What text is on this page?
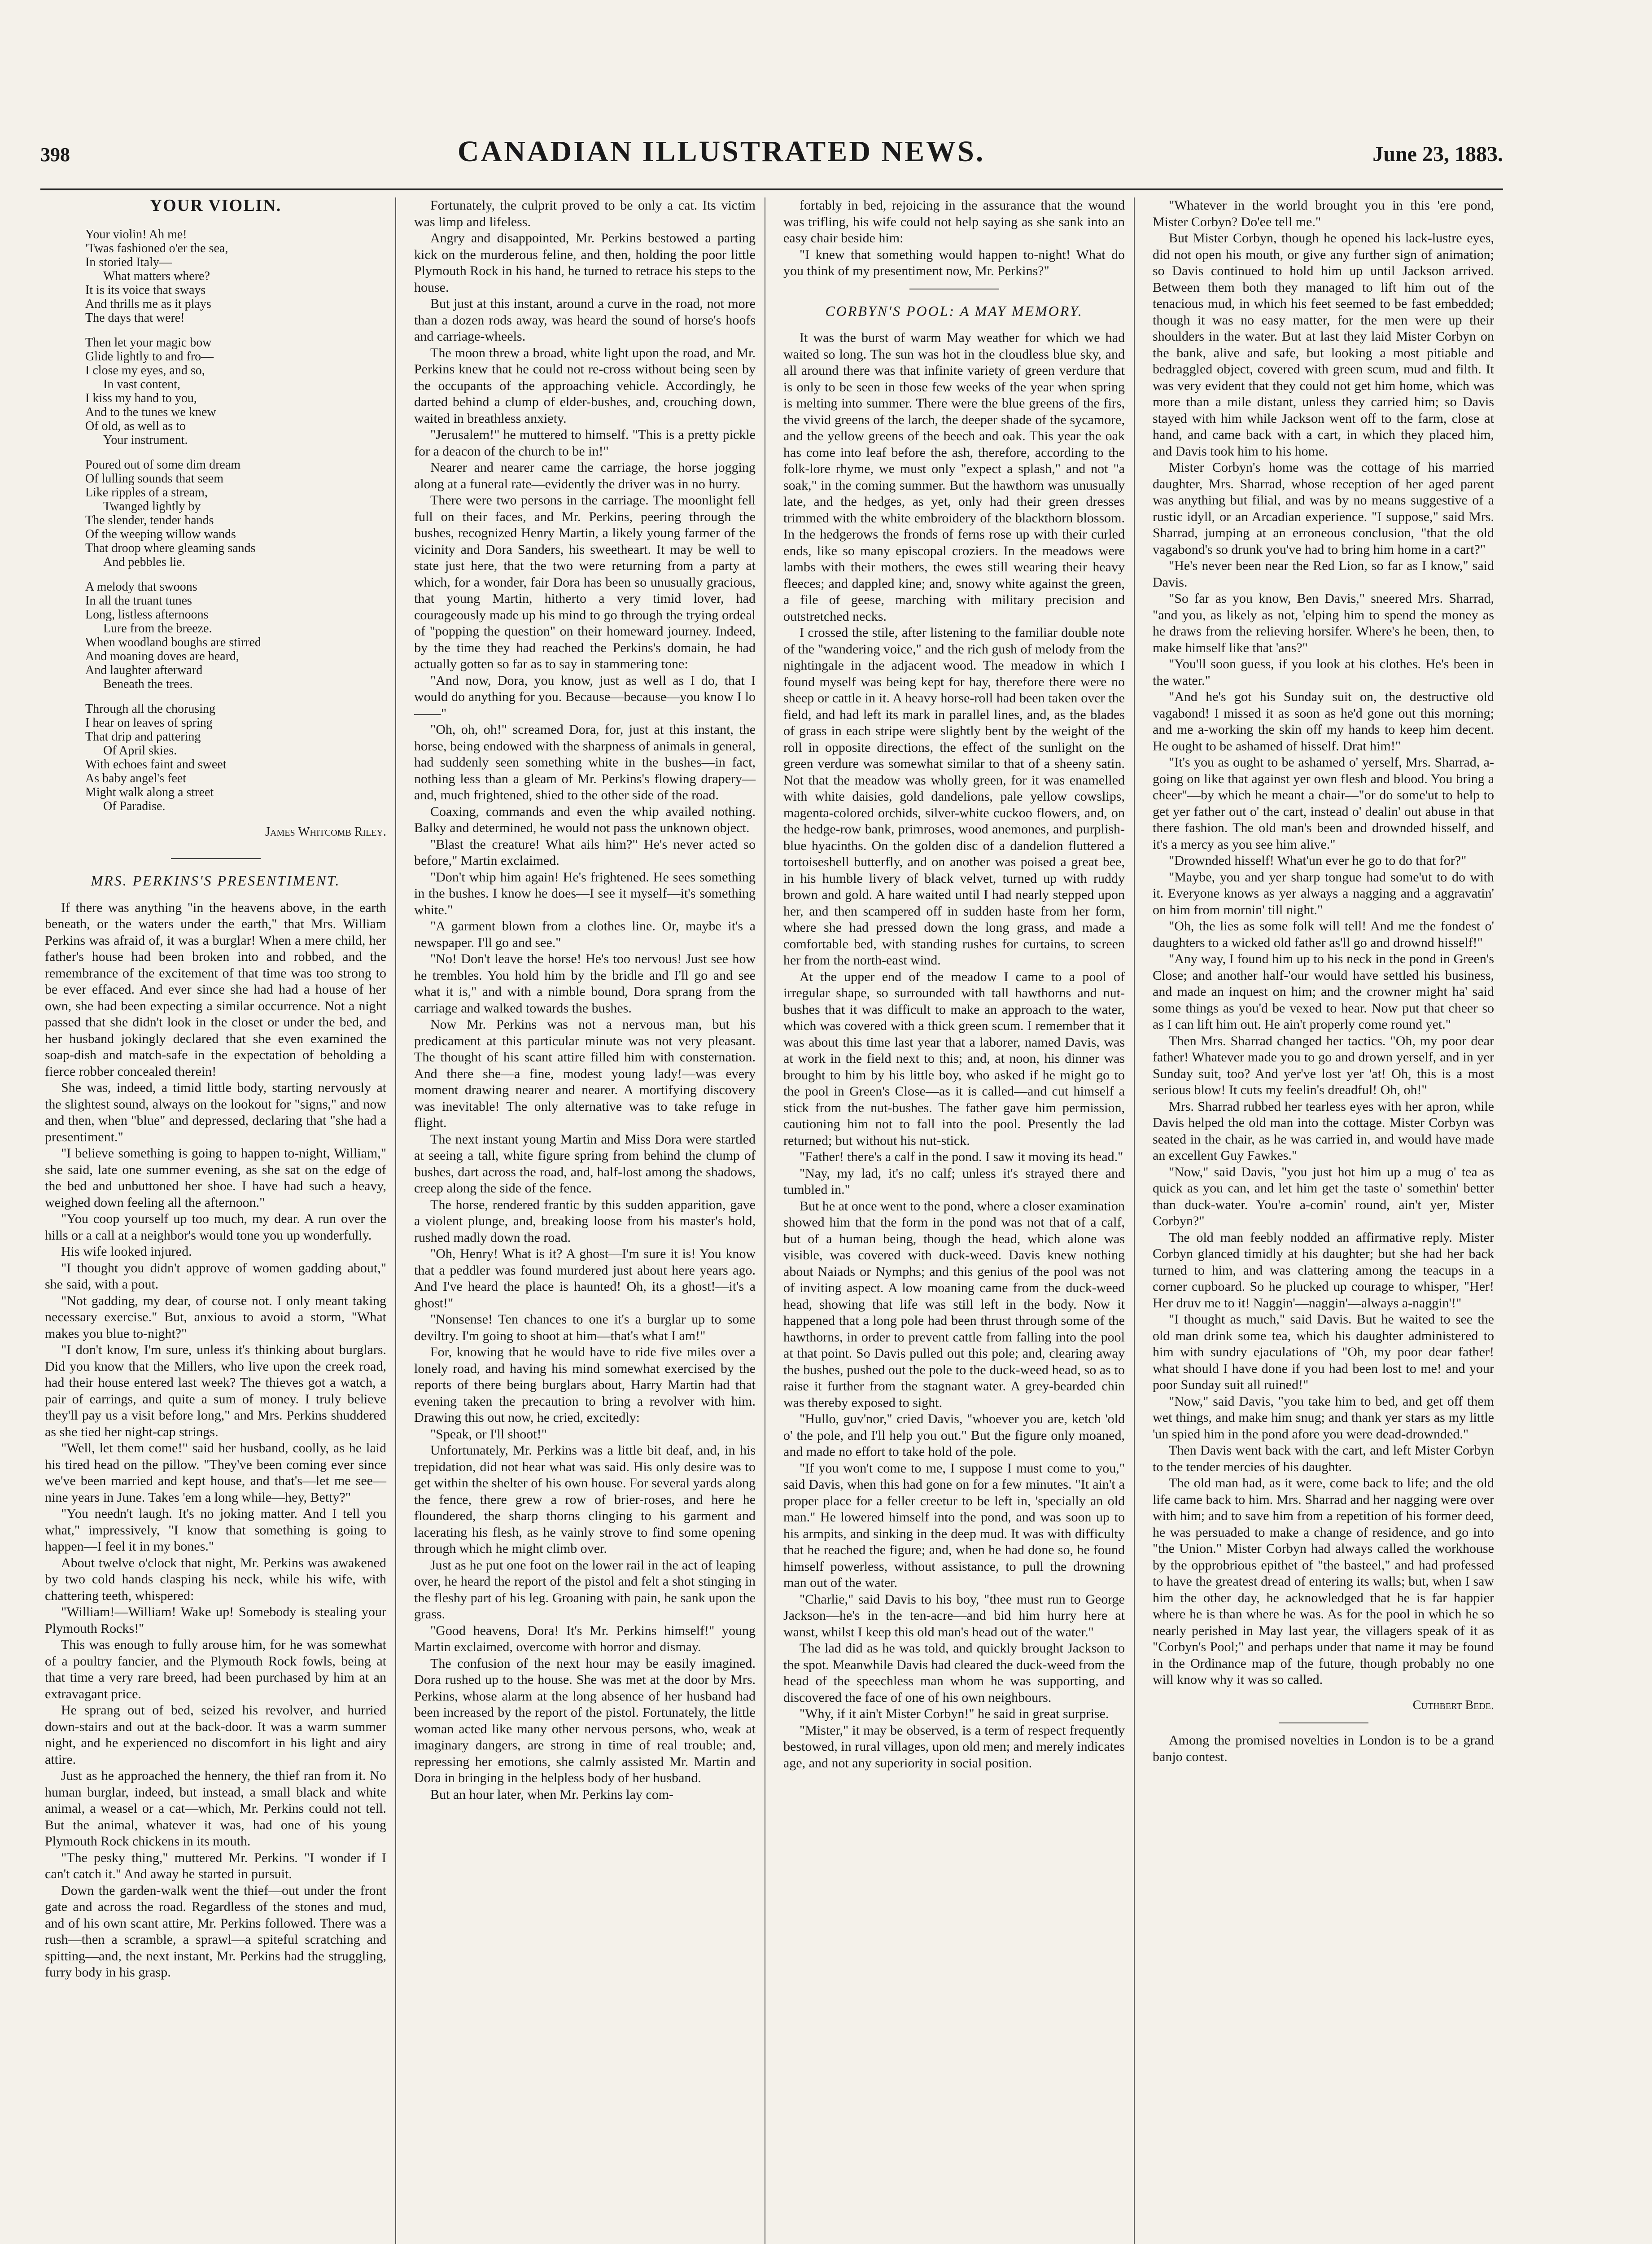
398	CANADIAN ILLUSTRATED NEWS.	June 23, 1883.
YOUR VIOLIN.
Your violin! Ah me!
'Twas fashioned o'er the sea,
In storied Italy—
What matters where?
It is its voice that sways
And thrills me as it plays
The days that were!
Then let your magic bow
Glide lightly to and fro—
I close my eyes, and so,
In vast content,
I kiss my hand to you,
And to the tunes we knew
Of old, as well as to
Your instrument.
Poured out of some dim dream
Of lulling sounds that seem
Like ripples of a stream,
Twanged lightly by
The slender, tender hands
Of the weeping willow wands
That droop where gleaming sands
And pebbles lie.
A melody that swoons
In all the truant tunes
Long, listless afternoons
Lure from the breeze.
When woodland boughs are stirred
And moaning doves are heard,
And laughter afterward
Beneath the trees.
Through all the chorusing
I hear on leaves of spring
That drip and pattering
Of April skies.
With echoes faint and sweet
As baby angel's feet
Might walk along a street
Of Paradise.
James Whitcomb Riley.
MRS. PERKINS'S PRESENTIMENT.

If there was anything "in the heavens above, in the earth beneath, or the waters under the earth," that Mrs. William Perkins was afraid of, it was a burglar! When a mere child, her father's house had been broken into and robbed, and the remembrance of the excitement of that time was too strong to be ever effaced. And ever since she had had a house of her own, she had been expecting a similar occurrence. Not a night passed that she didn't look in the closet or under the bed, and her husband jokingly declared that she even examined the soap-dish and match-safe in the expectation of beholding a fierce robber concealed therein!

She was, indeed, a timid little body, starting nervously at the slightest sound, always on the lookout for "signs," and now and then, when "blue" and depressed, declaring that "she had a presentiment."

"I believe something is going to happen to-night, William," she said, late one summer evening, as she sat on the edge of the bed and unbuttoned her shoe. I have had such a heavy, weighed down feeling all the afternoon."

"You coop yourself up too much, my dear. A run over the hills or a call at a neighbor's would tone you up wonderfully.

His wife looked injured.

"I thought you didn't approve of women gadding about," she said, with a pout.

"Not gadding, my dear, of course not. I only meant taking necessary exercise." But, anxious to avoid a storm, "What makes you blue to-night?"

"I don't know, I'm sure, unless it's thinking about burglars. Did you know that the Millers, who live upon the creek road, had their house entered last week? The thieves got a watch, a pair of earrings, and quite a sum of money. I truly believe they'll pay us a visit before long," and Mrs. Perkins shuddered as she tied her night-cap strings.

"Well, let them come!" said her husband, coolly, as he laid his tired head on the pillow. "They've been coming ever since we've been married and kept house, and that's—let me see—nine years in June. Takes 'em a long while—hey, Betty?"

"You needn't laugh. It's no joking matter. And I tell you what," impressively, "I know that something is going to happen—I feel it in my bones."

About twelve o'clock that night, Mr. Perkins was awakened by two cold hands clasping his neck, while his wife, with chattering teeth, whispered:

"William!—William! Wake up! Somebody is stealing your Plymouth Rocks!"

This was enough to fully arouse him, for he was somewhat of a poultry fancier, and the Plymouth Rock fowls, being at that time a very rare breed, had been purchased by him at an extravagant price.

He sprang out of bed, seized his revolver, and hurried down-stairs and out at the back-door. It was a warm summer night, and he experienced no discomfort in his light and airy attire.

Just as he approached the hennery, the thief ran from it. No human burglar, indeed, but instead, a small black and white animal, a weasel or a cat—which, Mr. Perkins could not tell. But the animal, whatever it was, had one of his young Plymouth Rock chickens in its mouth.

"The pesky thing," muttered Mr. Perkins. "I wonder if I can't catch it." And away he started in pursuit.

Down the garden-walk went the thief—out under the front gate and across the road. Regardless of the stones and mud, and of his own scant attire, Mr. Perkins followed. There was a rush—then a scramble, a sprawl—a spiteful scratching and spitting—and, the next instant, Mr. Perkins had the struggling, furry body in his grasp.

Fortunately, the culprit proved to be only a cat. Its victim was limp and lifeless.

Angry and disappointed, Mr. Perkins bestowed a parting kick on the murderous feline, and then, holding the poor little Plymouth Rock in his hand, he turned to retrace his steps to the house.

But just at this instant, around a curve in the road, not more than a dozen rods away, was heard the sound of horse's hoofs and carriage-wheels.

The moon threw a broad, white light upon the road, and Mr. Perkins knew that he could not re-cross without being seen by the occupants of the approaching vehicle. Accordingly, he darted behind a clump of elder-bushes, and, crouching down, waited in breathless anxiety.

"Jerusalem!" he muttered to himself. "This is a pretty pickle for a deacon of the church to be in!"

Nearer and nearer came the carriage, the horse jogging along at a funeral rate—evidently the driver was in no hurry.

There were two persons in the carriage. The moonlight fell full on their faces, and Mr. Perkins, peering through the bushes, recognized Henry Martin, a likely young farmer of the vicinity and Dora Sanders, his sweetheart. It may be well to state just here, that the two were returning from a party at which, for a wonder, fair Dora has been so unusually gracious, that young Martin, hitherto a very timid lover, had courageously made up his mind to go through the trying ordeal of "popping the question" on their homeward journey. Indeed, by the time they had reached the Perkins's domain, he had actually gotten so far as to say in stammering tone:

"And now, Dora, you know, just as well as I do, that I would do anything for you. Because—because—you know I lo——"

"Oh, oh, oh!" screamed Dora, for, just at this instant, the horse, being endowed with the sharpness of animals in general, had suddenly seen something white in the bushes—in fact, nothing less than a gleam of Mr. Perkins's flowing drapery—and, much frightened, shied to the other side of the road.

Coaxing, commands and even the whip availed nothing. Balky and determined, he would not pass the unknown object.

"Blast the creature! What ails him?" He's never acted so before," Martin exclaimed.

"Don't whip him again! He's frightened. He sees something in the bushes. I know he does—I see it myself—it's something white."

"A garment blown from a clothes line. Or, maybe it's a newspaper. I'll go and see."

"No! Don't leave the horse! He's too nervous! Just see how he trembles. You hold him by the bridle and I'll go and see what it is," and with a nimble bound, Dora sprang from the carriage and walked towards the bushes.

Now Mr. Perkins was not a nervous man, but his predicament at this particular minute was not very pleasant. The thought of his scant attire filled him with consternation. And there she—a fine, modest young lady!—was every moment drawing nearer and nearer. A mortifying discovery was inevitable! The only alternative was to take refuge in flight.

The next instant young Martin and Miss Dora were startled at seeing a tall, white figure spring from behind the clump of bushes, dart across the road, and, half-lost among the shadows, creep along the side of the fence.

The horse, rendered frantic by this sudden apparition, gave a violent plunge, and, breaking loose from his master's hold, rushed madly down the road.

"Oh, Henry! What is it? A ghost—I'm sure it is! You know that a peddler was found murdered just about here years ago. And I've heard the place is haunted! Oh, its a ghost!—it's a ghost!"

"Nonsense! Ten chances to one it's a burglar up to some deviltry. I'm going to shoot at him—that's what I am!"

For, knowing that he would have to ride five miles over a lonely road, and having his mind somewhat exercised by the reports of there being burglars about, Harry Martin had that evening taken the precaution to bring a revolver with him. Drawing this out now, he cried, excitedly:

"Speak, or I'll shoot!"

Unfortunately, Mr. Perkins was a little bit deaf, and, in his trepidation, did not hear what was said. His only desire was to get within the shelter of his own house. For several yards along the fence, there grew a row of brier-roses, and here he floundered, the sharp thorns clinging to his garment and lacerating his flesh, as he vainly strove to find some opening through which he might climb over.

Just as he put one foot on the lower rail in the act of leaping over, he heard the report of the pistol and felt a shot stinging in the fleshy part of his leg. Groaning with pain, he sank upon the grass.

"Good heavens, Dora! It's Mr. Perkins himself!" young Martin exclaimed, overcome with horror and dismay.

The confusion of the next hour may be easily imagined. Dora rushed up to the house. She was met at the door by Mrs. Perkins, whose alarm at the long absence of her husband had been increased by the report of the pistol. Fortunately, the little woman acted like many other nervous persons, who, weak at imaginary dangers, are strong in time of real trouble; and, repressing her emotions, she calmly assisted Mr. Martin and Dora in bringing in the helpless body of her husband.

But an hour later, when Mr. Perkins lay com-

fortably in bed, rejoicing in the assurance that the wound was trifling, his wife could not help saying as she sank into an easy chair beside him:

"I knew that something would happen to-night! What do you think of my presentiment now, Mr. Perkins?"

CORBYN'S POOL: A MAY MEMORY.

It was the burst of warm May weather for which we had waited so long. The sun was hot in the cloudless blue sky, and all around there was that infinite variety of green verdure that is only to be seen in those few weeks of the year when spring is melting into summer. There were the blue greens of the firs, the vivid greens of the larch, the deeper shade of the sycamore, and the yellow greens of the beech and oak. This year the oak has come into leaf before the ash, therefore, according to the folk-lore rhyme, we must only "expect a splash," and not "a soak," in the coming summer. But the hawthorn was unusually late, and the hedges, as yet, only had their green dresses trimmed with the white embroidery of the blackthorn blossom. In the hedgerows the fronds of ferns rose up with their curled ends, like so many episcopal croziers. In the meadows were lambs with their mothers, the ewes still wearing their heavy fleeces; and dappled kine; and, snowy white against the green, a file of geese, marching with military precision and outstretched necks.

I crossed the stile, after listening to the familiar double note of the "wandering voice," and the rich gush of melody from the nightingale in the adjacent wood. The meadow in which I found myself was being kept for hay, therefore there were no sheep or cattle in it. A heavy horse-roll had been taken over the field, and had left its mark in parallel lines, and, as the blades of grass in each stripe were slightly bent by the weight of the roll in opposite directions, the effect of the sunlight on the green verdure was somewhat similar to that of a sheeny satin. Not that the meadow was wholly green, for it was enamelled with white daisies, gold dandelions, pale yellow cowslips, magenta-colored orchids, silver-white cuckoo flowers, and, on the hedge-row bank, primroses, wood anemones, and purplish-blue hyacinths. On the golden disc of a dandelion fluttered a tortoiseshell butterfly, and on another was poised a great bee, in his humble livery of black velvet, turned up with ruddy brown and gold. A hare waited until I had nearly stepped upon her, and then scampered off in sudden haste from her form, where she had pressed down the long grass, and made a comfortable bed, with standing rushes for curtains, to screen her from the north-east wind.

At the upper end of the meadow I came to a pool of irregular shape, so surrounded with tall hawthorns and nut-bushes that it was difficult to make an approach to the water, which was covered with a thick green scum. I remember that it was about this time last year that a laborer, named Davis, was at work in the field next to this; and, at noon, his dinner was brought to him by his little boy, who asked if he might go to the pool in Green's Close—as it is called—and cut himself a stick from the nut-bushes. The father gave him permission, cautioning him not to fall into the pool. Presently the lad returned; but without his nut-stick.

"Father! there's a calf in the pond. I saw it moving its head."

"Nay, my lad, it's no calf; unless it's strayed there and tumbled in."

But he at once went to the pond, where a closer examination showed him that the form in the pond was not that of a calf, but of a human being, though the head, which alone was visible, was covered with duck-weed. Davis knew nothing about Naiads or Nymphs; and this genius of the pool was not of inviting aspect. A low moaning came from the duck-weed head, showing that life was still left in the body. Now it happened that a long pole had been thrust through some of the hawthorns, in order to prevent cattle from falling into the pool at that point. So Davis pulled out this pole; and, clearing away the bushes, pushed out the pole to the duck-weed head, so as to raise it further from the stagnant water. A grey-bearded chin was thereby exposed to sight.

"Hullo, guv'nor," cried Davis, "whoever you are, ketch 'old o' the pole, and I'll help you out." But the figure only moaned, and made no effort to take hold of the pole.

"If you won't come to me, I suppose I must come to you," said Davis, when this had gone on for a few minutes. "It ain't a proper place for a feller creetur to be left in, 'specially an old man." He lowered himself into the pond, and was soon up to his armpits, and sinking in the deep mud. It was with difficulty that he reached the figure; and, when he had done so, he found himself powerless, without assistance, to pull the drowning man out of the water.

"Charlie," said Davis to his boy, "thee must run to George Jackson—he's in the ten-acre—and bid him hurry here at wanst, whilst I keep this old man's head out of the water."

The lad did as he was told, and quickly brought Jackson to the spot. Meanwhile Davis had cleared the duck-weed from the head of the speechless man whom he was supporting, and discovered the face of one of his own neighbours.

"Why, if it ain't Mister Corbyn!" he said in great surprise.

"Mister," it may be observed, is a term of respect frequently bestowed, in rural villages, upon old men; and merely indicates age, and not any superiority in social position.

"Whatever in the world brought you in this 'ere pond, Mister Corbyn? Do'ee tell me."

But Mister Corbyn, though he opened his lack-lustre eyes, did not open his mouth, or give any further sign of animation; so Davis continued to hold him up until Jackson arrived. Between them both they managed to lift him out of the tenacious mud, in which his feet seemed to be fast embedded; though it was no easy matter, for the men were up their shoulders in the water. But at last they laid Mister Corbyn on the bank, alive and safe, but looking a most pitiable and bedraggled object, covered with green scum, mud and filth. It was very evident that they could not get him home, which was more than a mile distant, unless they carried him; so Davis stayed with him while Jackson went off to the farm, close at hand, and came back with a cart, in which they placed him, and Davis took him to his home.

Mister Corbyn's home was the cottage of his married daughter, Mrs. Sharrad, whose reception of her aged parent was anything but filial, and was by no means suggestive of a rustic idyll, or an Arcadian experience. "I suppose," said Mrs. Sharrad, jumping at an erroneous conclusion, "that the old vagabond's so drunk you've had to bring him home in a cart?"

"He's never been near the Red Lion, so far as I know," said Davis.

"So far as you know, Ben Davis," sneered Mrs. Sharrad, "and you, as likely as not, 'elping him to spend the money as he draws from the relieving horsifer. Where's he been, then, to make himself like that 'ans?"

"You'll soon guess, if you look at his clothes. He's been in the water."

"And he's got his Sunday suit on, the destructive old vagabond! I missed it as soon as he'd gone out this morning; and me a-working the skin off my hands to keep him decent. He ought to be ashamed of hisself. Drat him!"

"It's you as ought to be ashamed o' yerself, Mrs. Sharrad, a-going on like that against yer own flesh and blood. You bring a cheer"—by which he meant a chair—"or do some'ut to help to get yer father out o' the cart, instead o' dealin' out abuse in that there fashion. The old man's been and drownded hisself, and it's a mercy as you see him alive."

"Drownded hisself! What'un ever he go to do that for?"

"Maybe, you and yer sharp tongue had some'ut to do with it. Everyone knows as yer always a nagging and a aggravatin' on him from mornin' till night."

"Oh, the lies as some folk will tell! And me the fondest o' daughters to a wicked old father as'll go and drownd hisself!"

"Any way, I found him up to his neck in the pond in Green's Close; and another half-'our would have settled his business, and made an inquest on him; and the crowner might ha' said some things as you'd be vexed to hear. Now put that cheer so as I can lift him out. He ain't properly come round yet."

Then Mrs. Sharrad changed her tactics. "Oh, my poor dear father! Whatever made you to go and drown yerself, and in yer Sunday suit, too? And yer've lost yer 'at! Oh, this is a most serious blow! It cuts my feelin's dreadful! Oh, oh!"

Mrs. Sharrad rubbed her tearless eyes with her apron, while Davis helped the old man into the cottage. Mister Corbyn was seated in the chair, as he was carried in, and would have made an excellent Guy Fawkes."

"Now," said Davis, "you just hot him up a mug o' tea as quick as you can, and let him get the taste o' somethin' better than duck-water. You're a-comin' round, ain't yer, Mister Corbyn?"

The old man feebly nodded an affirmative reply. Mister Corbyn glanced timidly at his daughter; but she had her back turned to him, and was clattering among the teacups in a corner cupboard. So he plucked up courage to whisper, "Her! Her druv me to it! Naggin'—naggin'—always a-naggin'!"

"I thought as much," said Davis. But he waited to see the old man drink some tea, which his daughter administered to him with sundry ejaculations of "Oh, my poor dear father! what should I have done if you had been lost to me! and your poor Sunday suit all ruined!"

"Now," said Davis, "you take him to bed, and get off them wet things, and make him snug; and thank yer stars as my little 'un spied him in the pond afore you were dead-drownded."

Then Davis went back with the cart, and left Mister Corbyn to the tender mercies of his daughter.

The old man had, as it were, come back to life; and the old life came back to him. Mrs. Sharrad and her nagging were over with him; and to save him from a repetition of his former deed, he was persuaded to make a change of residence, and go into "the Union." Mister Corbyn had always called the workhouse by the opprobrious epithet of "the basteel," and had professed to have the greatest dread of entering its walls; but, when I saw him the other day, he acknowledged that he is far happier where he is than where he was. As for the pool in which he so nearly perished in May last year, the villagers speak of it as "Corbyn's Pool;" and perhaps under that name it may be found in the Ordinance map of the future, though probably no one will know why it was so called.

Cuthbert Bede.

Among the promised novelties in London is to be a grand banjo contest.
